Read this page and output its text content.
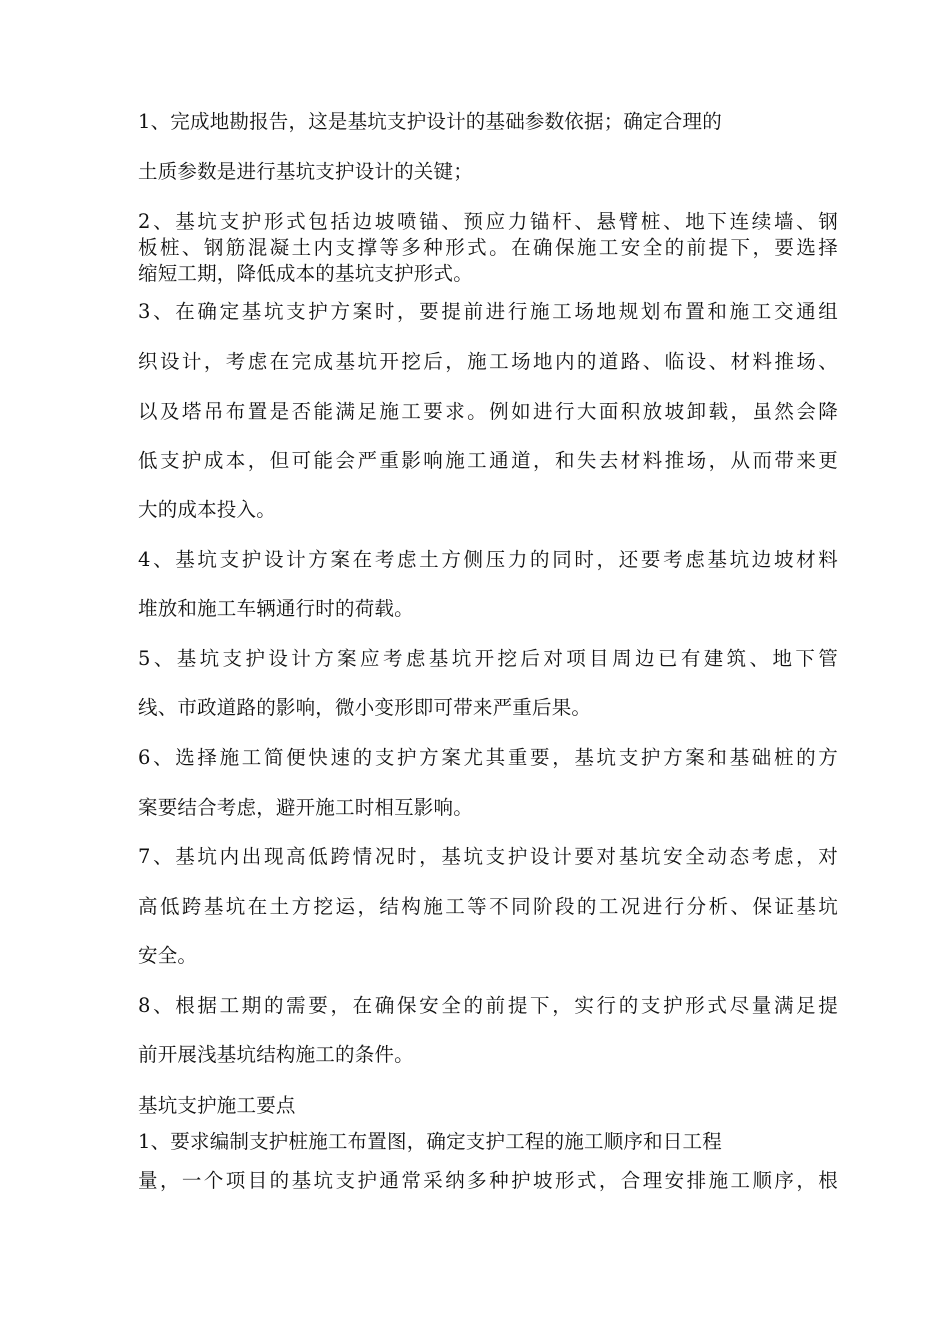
1、完成地勘报告，这是基坑支护设计的基础参数依据；确定合理的
土质参数是进行基坑支护设计的关键；
2、基坑支护形式包括边坡喷锚、预应力锚杆、悬臂桩、地下连续墙、钢
板桩、钢筋混凝土内支撑等多种形式。在确保施工安全的前提下，要选择
缩短工期，降低成本的基坑支护形式。
3、在确定基坑支护方案时，要提前进行施工场地规划布置和施工交通组
织设计，考虑在完成基坑开挖后，施工场地内的道路、临设、材料推场、
以及塔吊布置是否能满足施工要求。例如进行大面积放坡卸载，虽然会降
低支护成本，但可能会严重影响施工通道，和失去材料推场，从而带来更
大的成本投入。
4、基坑支护设计方案在考虑土方侧压力的同时，还要考虑基坑边坡材料
堆放和施工车辆通行时的荷载。
5、基坑支护设计方案应考虑基坑开挖后对项目周边已有建筑、地下管
线、市政道路的影响，微小变形即可带来严重后果。
6、选择施工简便快速的支护方案尤其重要，基坑支护方案和基础桩的方
案要结合考虑，避开施工时相互影响。
7、基坑内出现高低跨情况时，基坑支护设计要对基坑安全动态考虑，对
高低跨基坑在土方挖运，结构施工等不同阶段的工况进行分析、保证基坑
安全。
8、根据工期的需要，在确保安全的前提下，实行的支护形式尽量满足提
前开展浅基坑结构施工的条件。
基坑支护施工要点
1、要求编制支护桩施工布置图，确定支护工程的施工顺序和日工程
量，一个项目的基坑支护通常采纳多种护坡形式，合理安排施工顺序，根
